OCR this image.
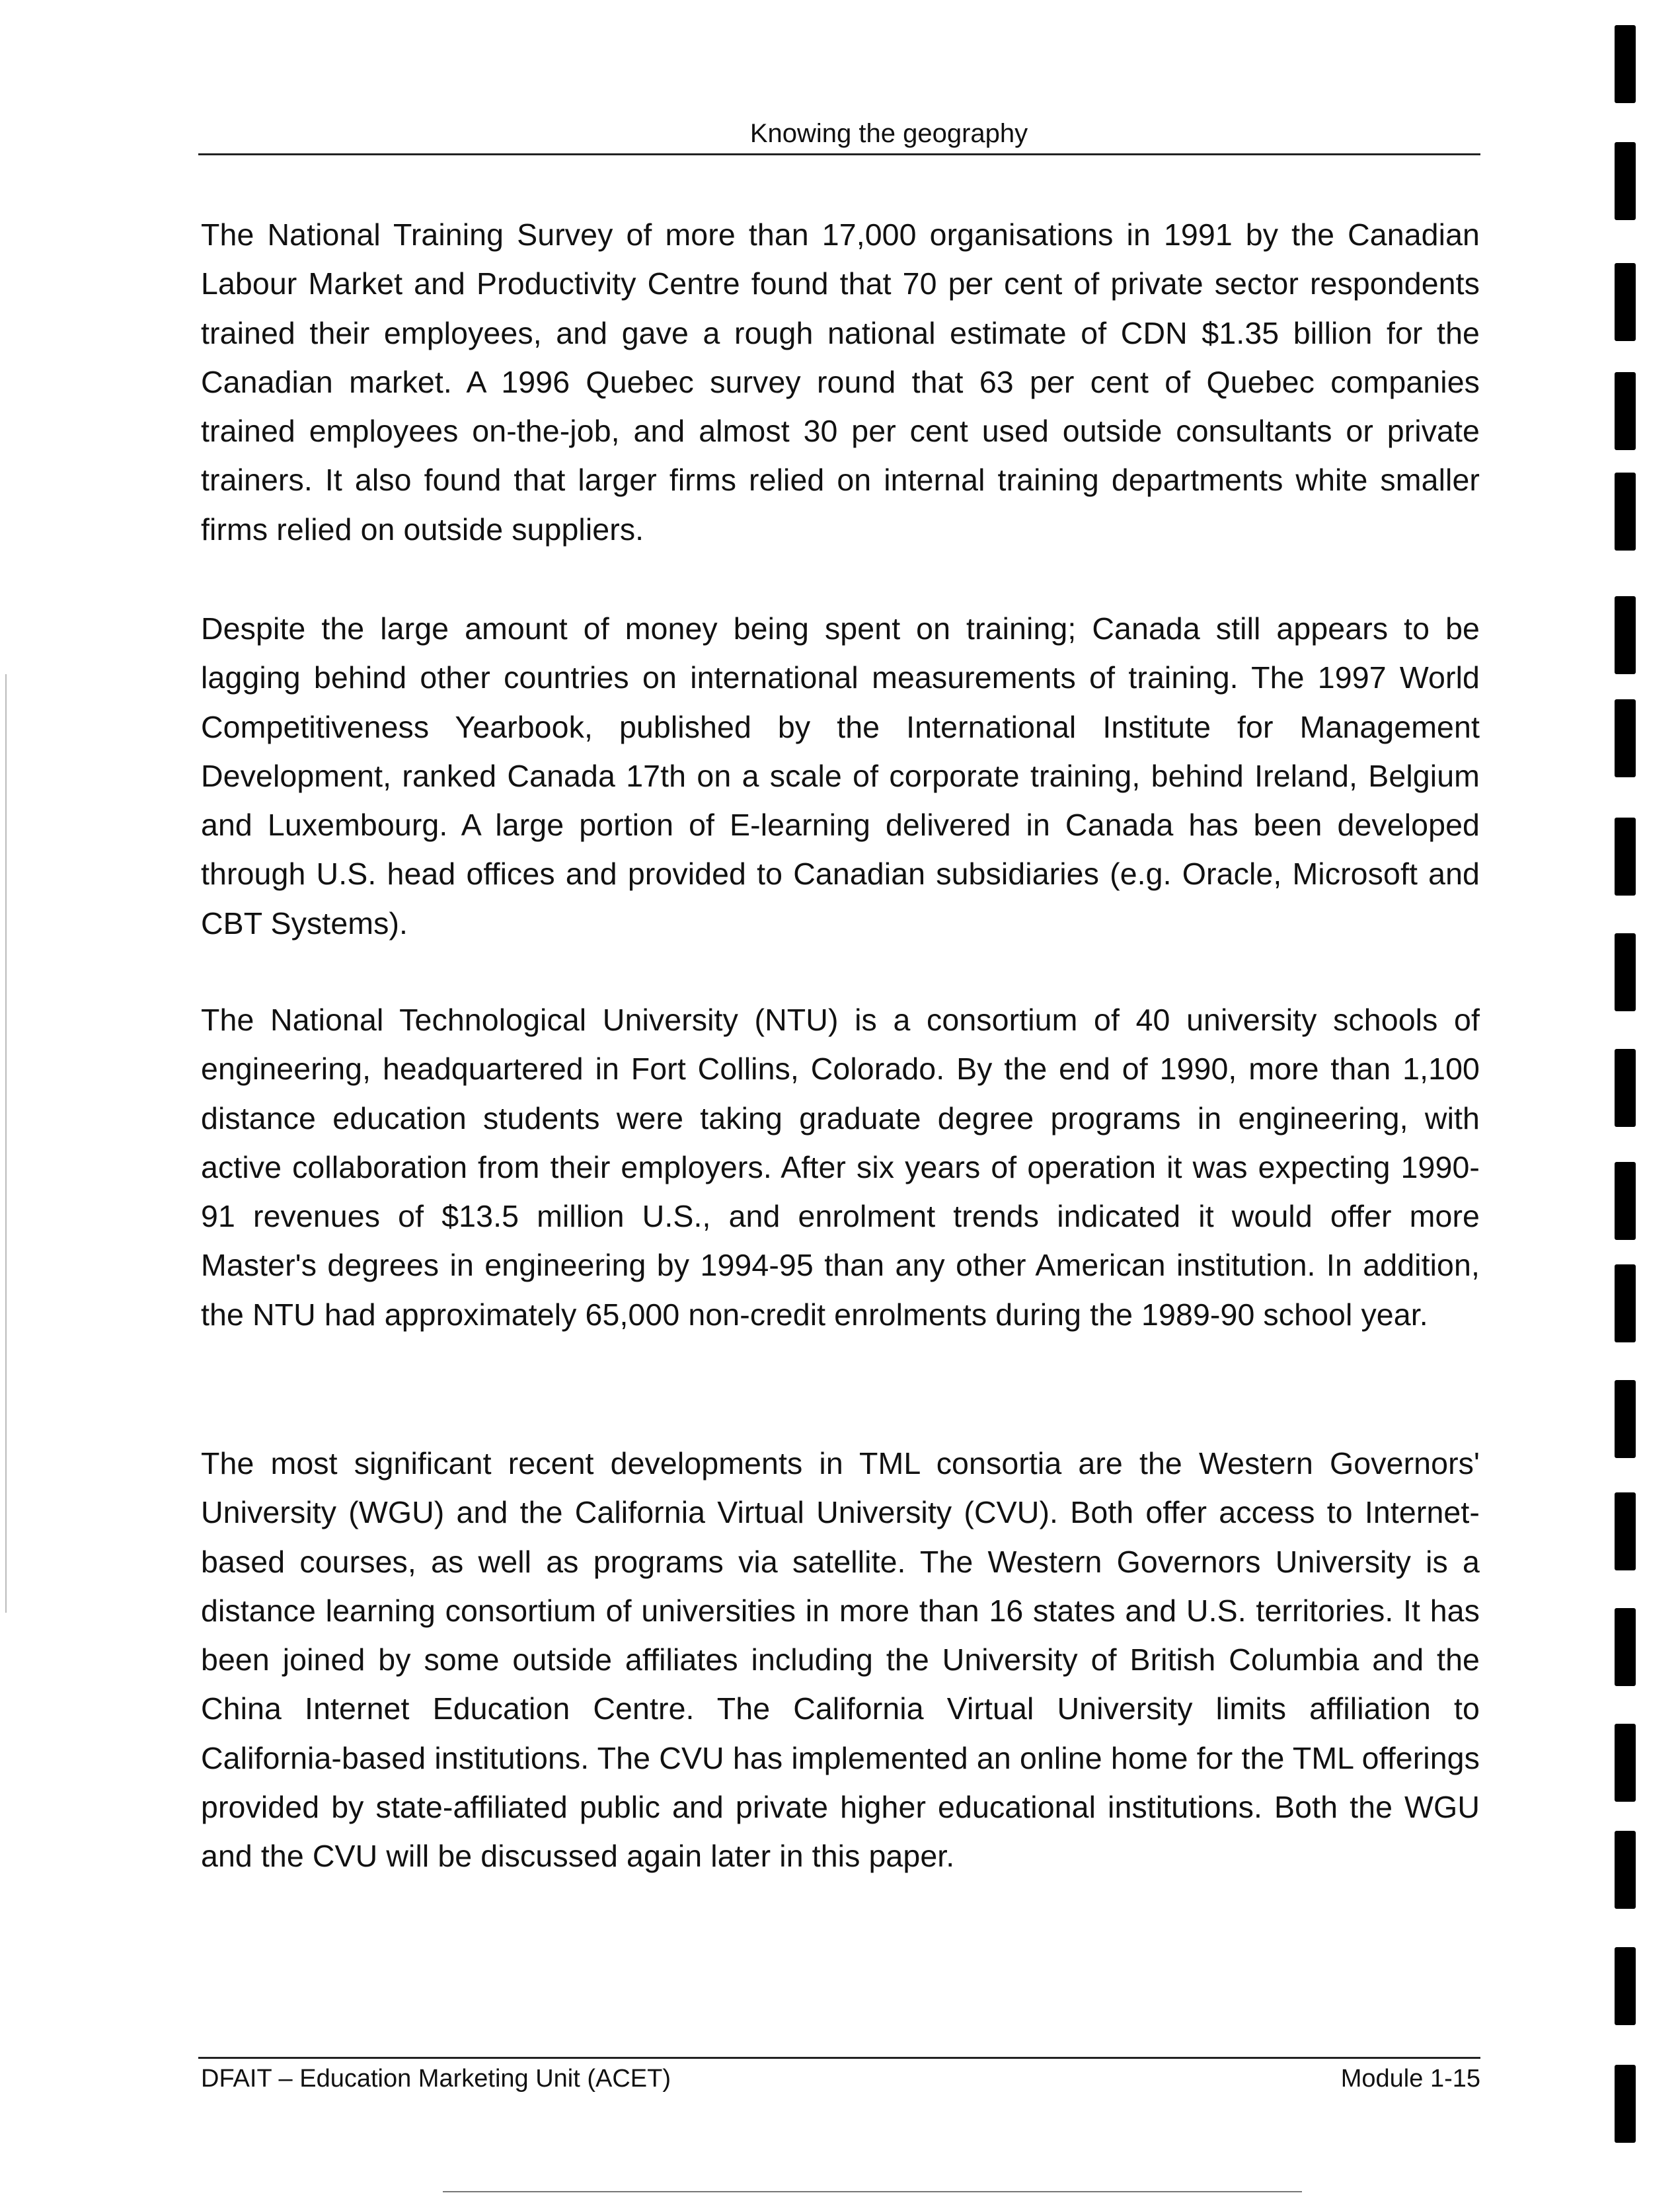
Knowing the geography

The National Training Survey of more than 17,000 organisations in 1991 by the Canadian Labour Market and Productivity Centre found that 70 per cent of private sector respondents trained their employees, and gave a rough national estimate of CDN $1.35 billion for the Canadian market. A 1996 Quebec survey round that 63 per cent of Quebec companies trained employees on-the-job, and almost 30 per cent used outside consultants or private trainers. It also found that larger firms relied on internal training departments white smaller firms relied on outside suppliers.

Despite the large amount of money being spent on training; Canada still appears to be lagging behind other countries on international measurements of training. The 1997 World Competitiveness Yearbook, published by the International Institute for Management Development, ranked Canada 17th on a scale of corporate training, behind Ireland, Belgium and Luxembourg. A large portion of E-learning delivered in Canada has been developed through U.S. head offices and provided to Canadian subsidiaries (e.g. Oracle, Microsoft and CBT Systems).

The National Technological University (NTU) is a consortium of 40 university schools of engineering, headquartered in Fort Collins, Colorado. By the end of 1990, more than 1,100 distance education students were taking graduate degree programs in engineering, with active collaboration from their employers. After six years of operation it was expecting 1990-91 revenues of $13.5 million U.S., and enrolment trends indicated it would offer more Master's degrees in engineering by 1994-95 than any other American institution. In addition, the NTU had approximately 65,000 non-credit enrolments during the 1989-90 school year.

The most significant recent developments in TML consortia are the Western Governors' University (WGU) and the California Virtual University (CVU). Both offer access to Internet-based courses, as well as programs via satellite. The Western Governors University is a distance learning consortium of universities in more than 16 states and U.S. territories. It has been joined by some outside affiliates including the University of British Columbia and the China Internet Education Centre. The California Virtual University limits affiliation to California-based institutions. The CVU has implemented an online home for the TML offerings provided by state-affiliated public and private higher educational institutions. Both the WGU and the CVU will be discussed again later in this paper.

DFAIT – Education Marketing Unit (ACET)	Module 1-15
